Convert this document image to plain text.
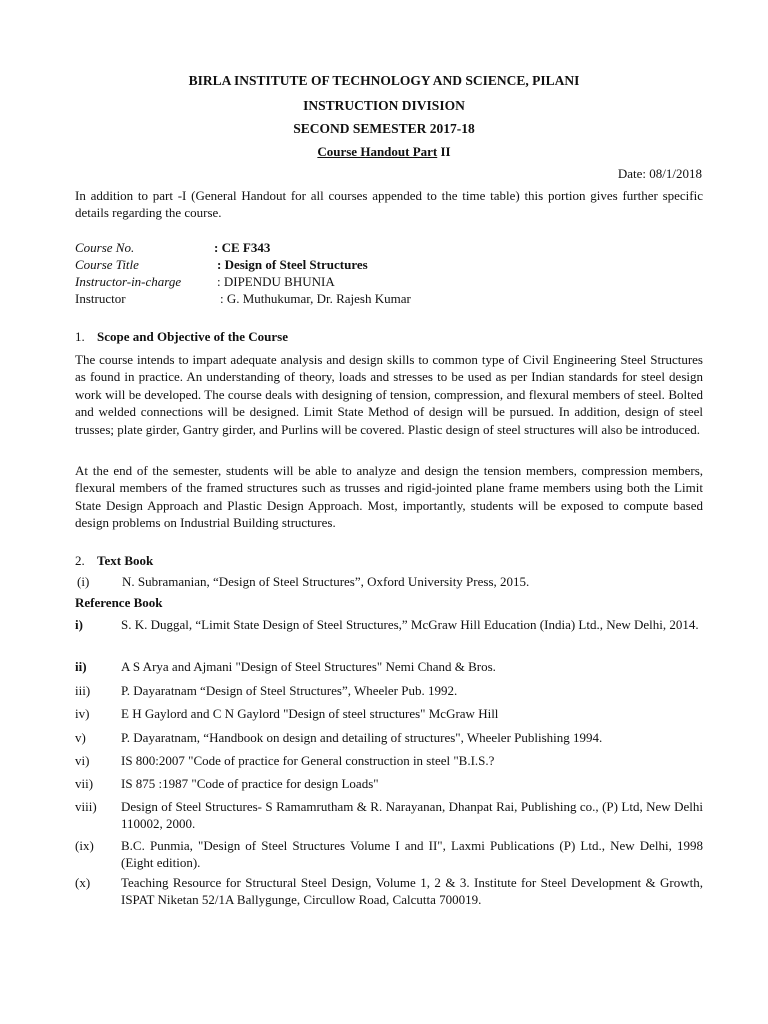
BIRLA INSTITUTE OF TECHNOLOGY AND SCIENCE, PILANI
INSTRUCTION DIVISION
SECOND SEMESTER 2017-18
Course Handout Part II
Date: 08/1/2018

In addition to part -I (General Handout for all courses appended to the time table) this portion gives further specific details regarding the course.

Course No.	: CE F343
Course Title	: Design of Steel Structures
Instructor-in-charge	: DIPENDU BHUNIA
Instructor	: G. Muthukumar, Dr. Rajesh Kumar
1. Scope and Objective of the Course

The course intends to impart adequate analysis and design skills to common type of Civil Engineering Steel Structures as found in practice. An understanding of theory, loads and stresses to be used as per Indian standards for steel design work will be developed. The course deals with designing of tension, compression, and flexural members of steel. Bolted and welded connections will be designed. Limit State Method of design will be pursued. In addition, design of steel trusses; plate girder, Gantry girder, and Purlins will be covered. Plastic design of steel structures will also be introduced.

At the end of the semester, students will be able to analyze and design the tension members, compression members, flexural members of the framed structures such as trusses and rigid-jointed plane frame members using both the Limit State Design Approach and Plastic Design Approach. Most, importantly, students will be exposed to compute based design problems on Industrial Building structures.

2. Text Book
(i)	N. Subramanian, “Design of Steel Structures”, Oxford University Press, 2015.
Reference Book
i)	S. K. Duggal, “Limit State Design of Steel Structures,” McGraw Hill Education (India) Ltd., New Delhi, 2014.
ii)	A S Arya and Ajmani "Design of Steel Structures" Nemi Chand & Bros.
iii) P. Dayaratnam “Design of Steel Structures”, Wheeler Pub. 1992.
iv) E H Gaylord and C N Gaylord "Design of steel structures" McGraw Hill
v)	P. Dayaratnam, “Handbook on design and detailing of structures", Wheeler Publishing 1994.
vi) IS 800:2007 "Code of practice for General construction in steel "B.I.S.?
vii) IS 875 :1987 "Code of practice for design Loads"
viii) Design of Steel Structures- S Ramamrutham & R. Narayanan, Dhanpat Rai, Publishing co., (P) Ltd, New Delhi 110002, 2000.
(ix) B.C. Punmia, "Design of Steel Structures Volume I and II", Laxmi Publications (P) Ltd., New Delhi, 1998 (Eight edition).
(x) Teaching Resource for Structural Steel Design, Volume 1, 2 & 3. Institute for Steel Development & Growth, ISPAT Niketan 52/1A Ballygunge, Circullow Road, Calcutta 700019.
